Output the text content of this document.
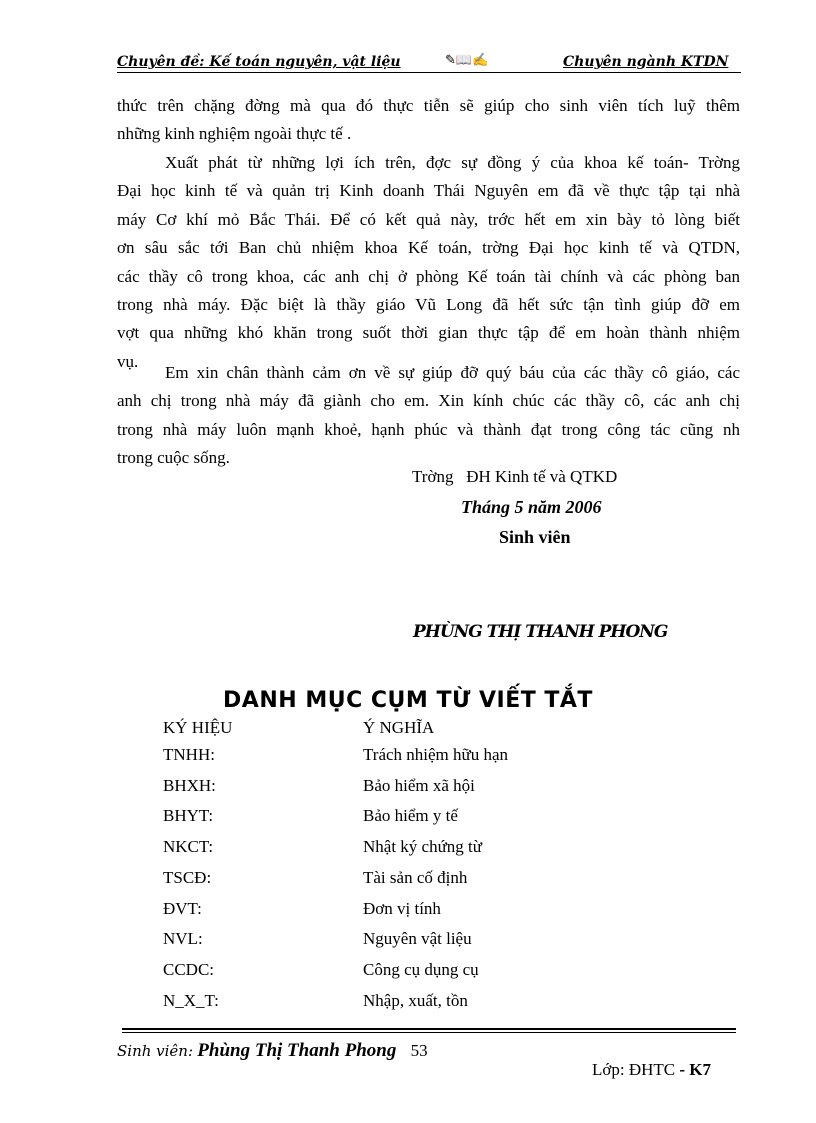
Chuyên đề: Kế toán nguyên, vật liệu	✎📖✍	Chuyên ngành KTDN
thức trên chặng đờng mà qua đó thực tiễn sẽ giúp cho sinh viên tích luỹ thêm
những kinh nghiệm ngoài thực tế .
Xuất phát từ những lợi ích trên, đợc sự đồng ý của khoa kế toán- Trờng
Đại học kinh tế và quản trị Kinh doanh Thái Nguyên em đã về thực tập tại nhà
máy Cơ khí mỏ Bắc Thái. Để có kết quả này, trớc hết em xin bày tỏ lòng biết
ơn sâu sắc tới Ban chủ nhiệm khoa Kế toán, trờng Đại học kinh tế và QTDN,
các thầy cô trong khoa, các anh chị ở phòng Kế toán tài chính và các phòng ban
trong nhà máy. Đặc biệt là thầy giáo Vũ Long đã hết sức tận tình giúp đỡ em
vợt qua những khó khăn trong suốt thời gian thực tập để em hoàn thành nhiệm
vụ.
Em xin chân thành cảm ơn về sự giúp đỡ quý báu của các thầy cô giáo, các
anh chị trong nhà máy đã giành cho em. Xin kính chúc các thầy cô, các anh chị
trong nhà máy luôn mạnh khoẻ, hạnh phúc và thành đạt trong công tác cũng nh
trong cuộc sống.
Trờng   ĐH Kinh tế và QTKD
Tháng 5 năm 2006
Sinh viên
PHÙNG THỊ THANH PHONG
DANH MỤC CỤM TỪ VIẾT TẮT
KÝ HIỆU	Ý NGHĨA
TNHH:	Trách nhiệm hữu hạn
BHXH:	Bảo hiểm xã hội
BHYT:	Bảo hiểm y tế
NKCT:	Nhật ký chứng từ
TSCĐ:	Tài sản cố định
ĐVT:	Đơn vị tính
NVL:	Nguyên vật liệu
CCDC:	Công cụ dụng cụ
N_X_T:	Nhập, xuất, tồn
Sinh viên: Phùng Thị Thanh Phong 53
Lớp: ĐHTC - K7
